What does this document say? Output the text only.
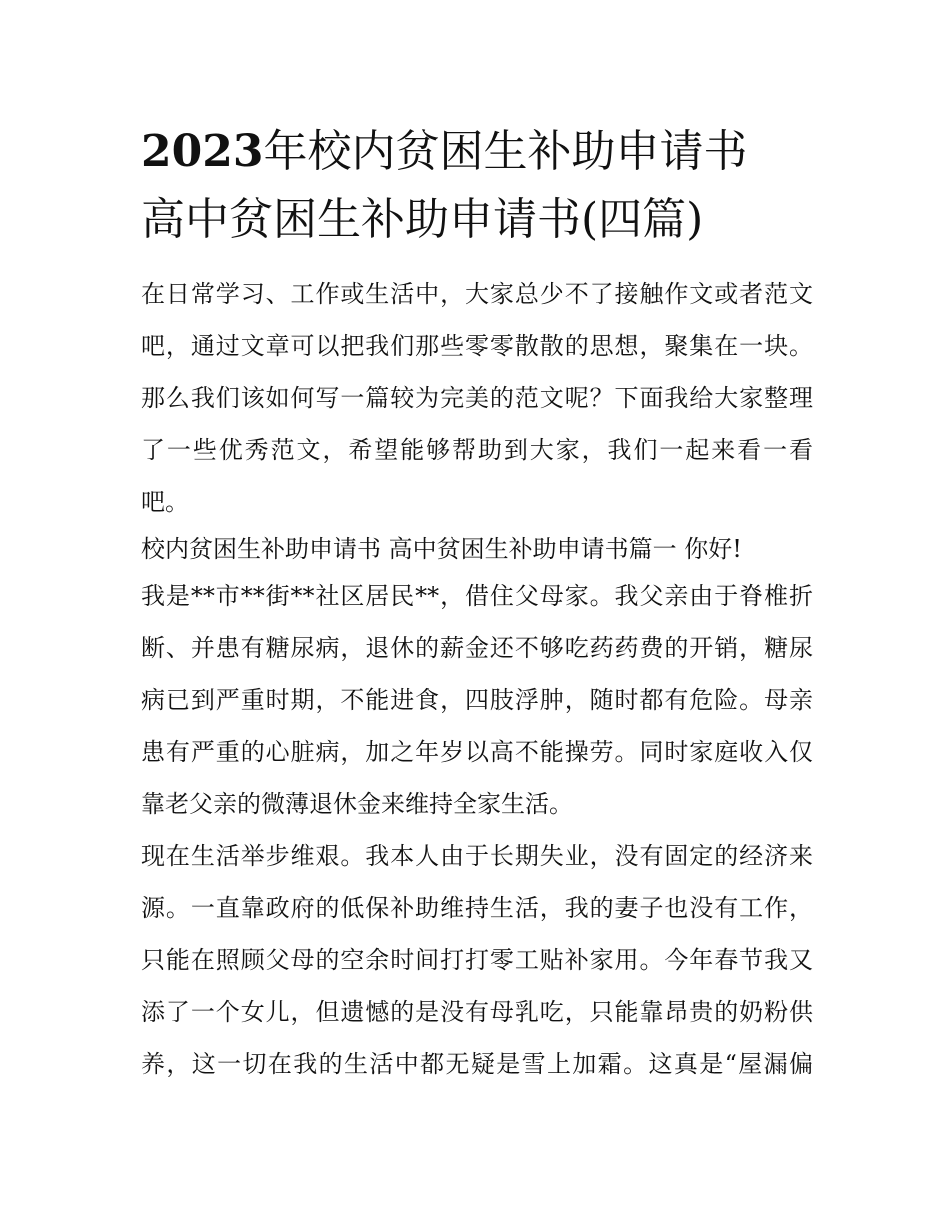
2023年校内贫困生补助申请书
高中贫困生补助申请书(四篇)

在日常学习、工作或生活中，大家总少不了接触作文或者范文
吧，通过文章可以把我们那些零零散散的思想，聚集在一块。
那么我们该如何写一篇较为完美的范文呢？下面我给大家整理
了一些优秀范文，希望能够帮助到大家，我们一起来看一看
吧。

校内贫困生补助申请书 高中贫困生补助申请书篇一 你好!

我是**市**街**社区居民**，借住父母家。我父亲由于脊椎折
断、并患有糖尿病，退休的薪金还不够吃药药费的开销，糖尿
病已到严重时期，不能进食，四肢浮肿，随时都有危险。母亲
患有严重的心脏病，加之年岁以高不能操劳。同时家庭收入仅
靠老父亲的微薄退休金来维持全家生活。

现在生活举步维艰。我本人由于长期失业，没有固定的经济来
源。一直靠政府的低保补助维持生活，我的妻子也没有工作，
只能在照顾父母的空余时间打打零工贴补家用。今年春节我又
添了一个女儿，但遗憾的是没有母乳吃，只能靠昂贵的奶粉供
养，这一切在我的生活中都无疑是雪上加霜。这真是“屋漏偏
